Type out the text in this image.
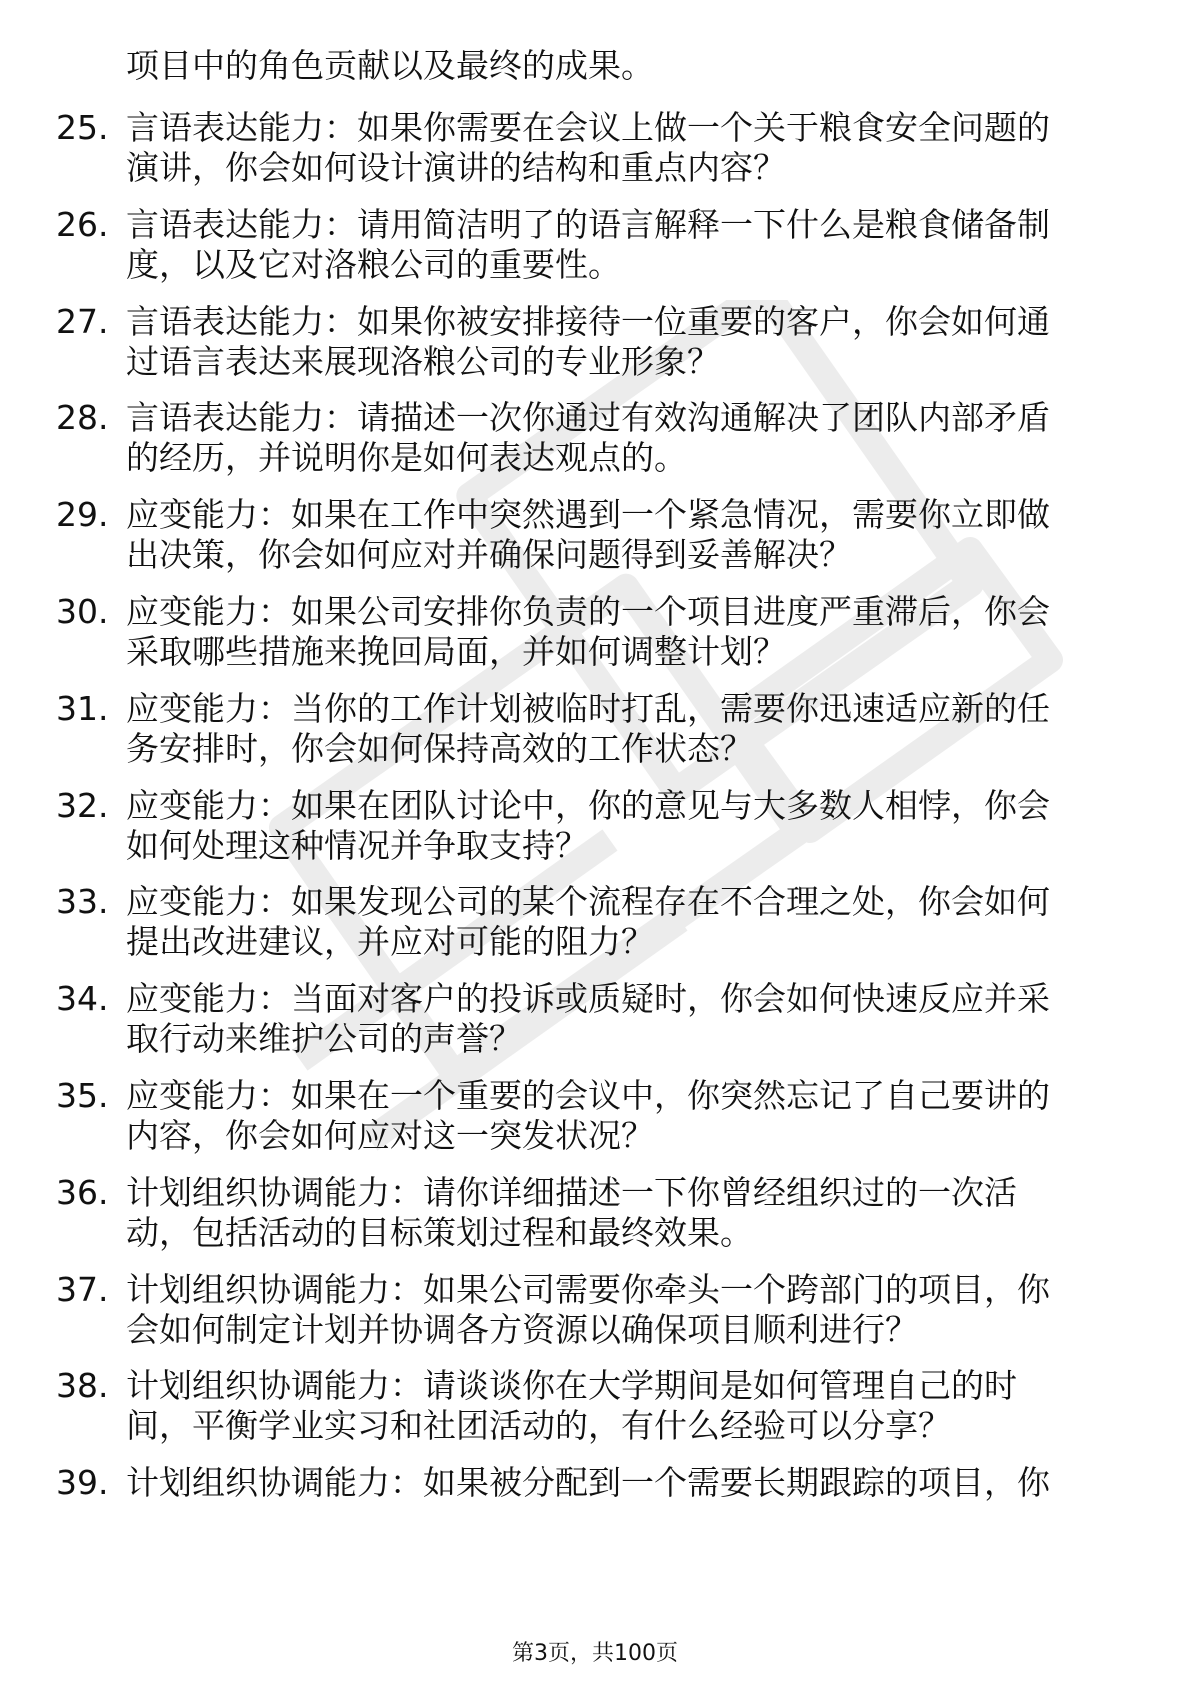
项目中的角色贡献以及最终的成果。
25. 言语表达能力：如果你需要在会议上做一个关于粮食安全问题的
演讲，你会如何设计演讲的结构和重点内容？
26. 言语表达能力：请用简洁明了的语言解释一下什么是粮食储备制
度，以及它对洛粮公司的重要性。
27. 言语表达能力：如果你被安排接待一位重要的客户，你会如何通
过语言表达来展现洛粮公司的专业形象？
28. 言语表达能力：请描述一次你通过有效沟通解决了团队内部矛盾
的经历，并说明你是如何表达观点的。
29. 应变能力：如果在工作中突然遇到一个紧急情况，需要你立即做
出决策，你会如何应对并确保问题得到妥善解决？
30. 应变能力：如果公司安排你负责的一个项目进度严重滞后，你会
采取哪些措施来挽回局面，并如何调整计划？
31. 应变能力：当你的工作计划被临时打乱，需要你迅速适应新的任
务安排时，你会如何保持高效的工作状态？
32. 应变能力：如果在团队讨论中，你的意见与大多数人相悖，你会
如何处理这种情况并争取支持？
33. 应变能力：如果发现公司的某个流程存在不合理之处，你会如何
提出改进建议，并应对可能的阻力？
34. 应变能力：当面对客户的投诉或质疑时，你会如何快速反应并采
取行动来维护公司的声誉？
35. 应变能力：如果在一个重要的会议中，你突然忘记了自己要讲的
内容，你会如何应对这一突发状况？
36. 计划组织协调能力：请你详细描述一下你曾经组织过的一次活
动，包括活动的目标策划过程和最终效果。
37. 计划组织协调能力：如果公司需要你牵头一个跨部门的项目，你
会如何制定计划并协调各方资源以确保项目顺利进行？
38. 计划组织协调能力：请谈谈你在大学期间是如何管理自己的时
间，平衡学业实习和社团活动的，有什么经验可以分享？
39. 计划组织协调能力：如果被分配到一个需要长期跟踪的项目，你
第3页，共100页
